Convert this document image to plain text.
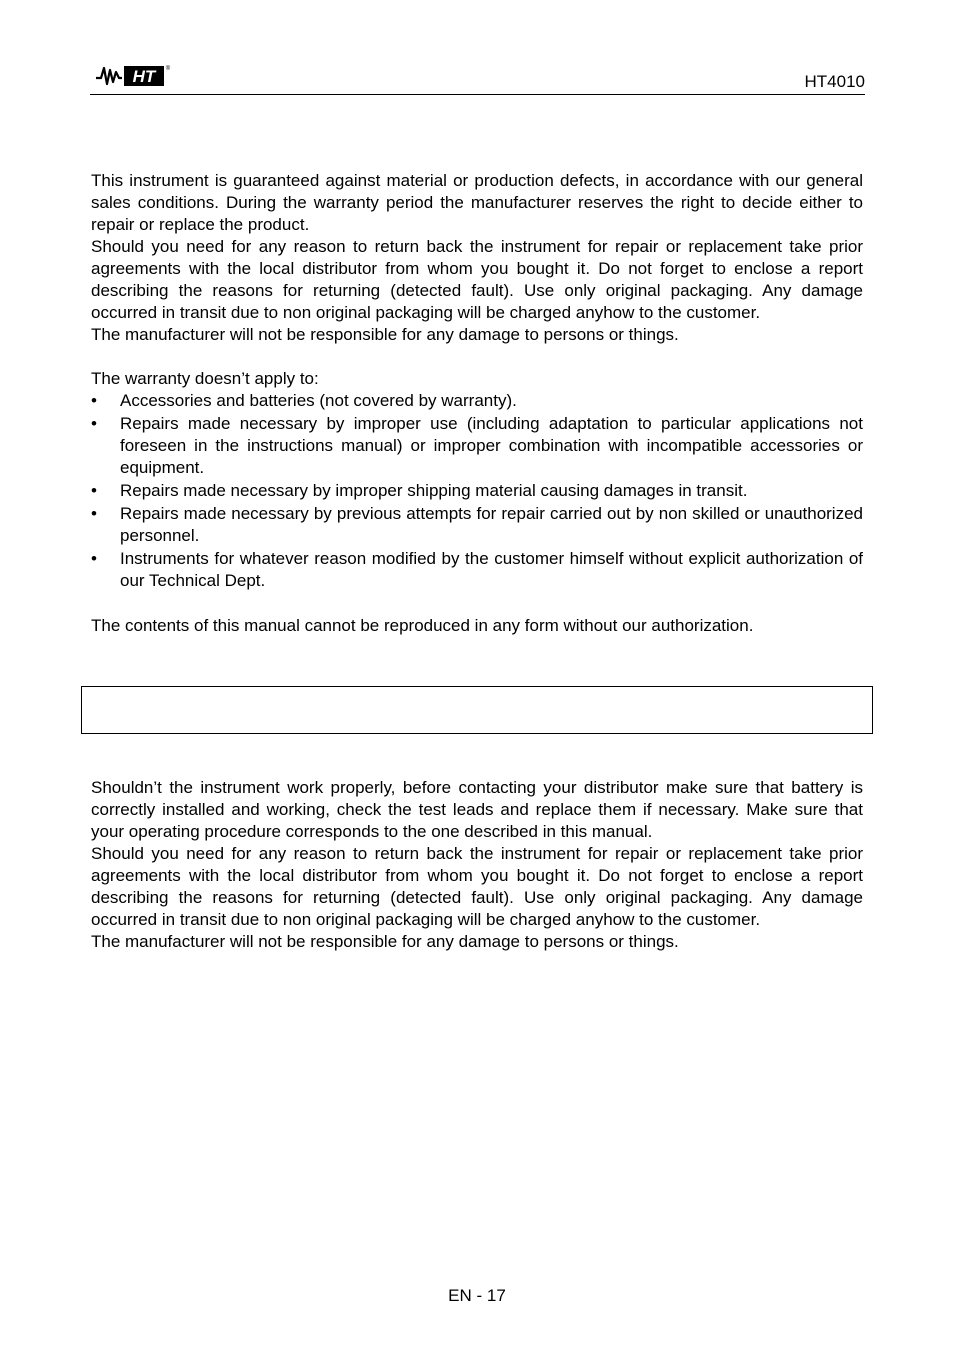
HT ®
HT4010

This instrument is guaranteed against material or production defects, in accordance with our general sales conditions. During the warranty period the manufacturer reserves the right to decide either to repair or replace the product.

Should you need for any reason to return back the instrument for repair or replacement take prior agreements with the local distributor from whom you bought it. Do not forget to enclose a report describing the reasons for returning (detected fault). Use only original packaging. Any damage occurred in transit due to non original packaging will be charged anyhow to the customer.

The manufacturer will not be responsible for any damage to persons or things.

The warranty doesn’t apply to:

• Accessories and batteries (not covered by warranty).
• Repairs made necessary by improper use (including adaptation to particular applications not foreseen in the instructions manual) or improper combination with incompatible accessories or equipment.
• Repairs made necessary by improper shipping material causing damages in transit.
• Repairs made necessary by previous attempts for repair carried out by non skilled or unauthorized personnel.
• Instruments for whatever reason modified by the customer himself without explicit authorization of our Technical Dept.

The contents of this manual cannot be reproduced in any form without our authorization.

Shouldn’t the instrument work properly, before contacting your distributor make sure that battery is correctly installed and working, check the test leads and replace them if necessary. Make sure that your operating procedure corresponds to the one described in this manual.

Should you need for any reason to return back the instrument for repair or replacement take prior agreements with the local distributor from whom you bought it. Do not forget to enclose a report describing the reasons for returning (detected fault). Use only original packaging. Any damage occurred in transit due to non original packaging will be charged anyhow to the customer.

The manufacturer will not be responsible for any damage to persons or things.

EN - 17
